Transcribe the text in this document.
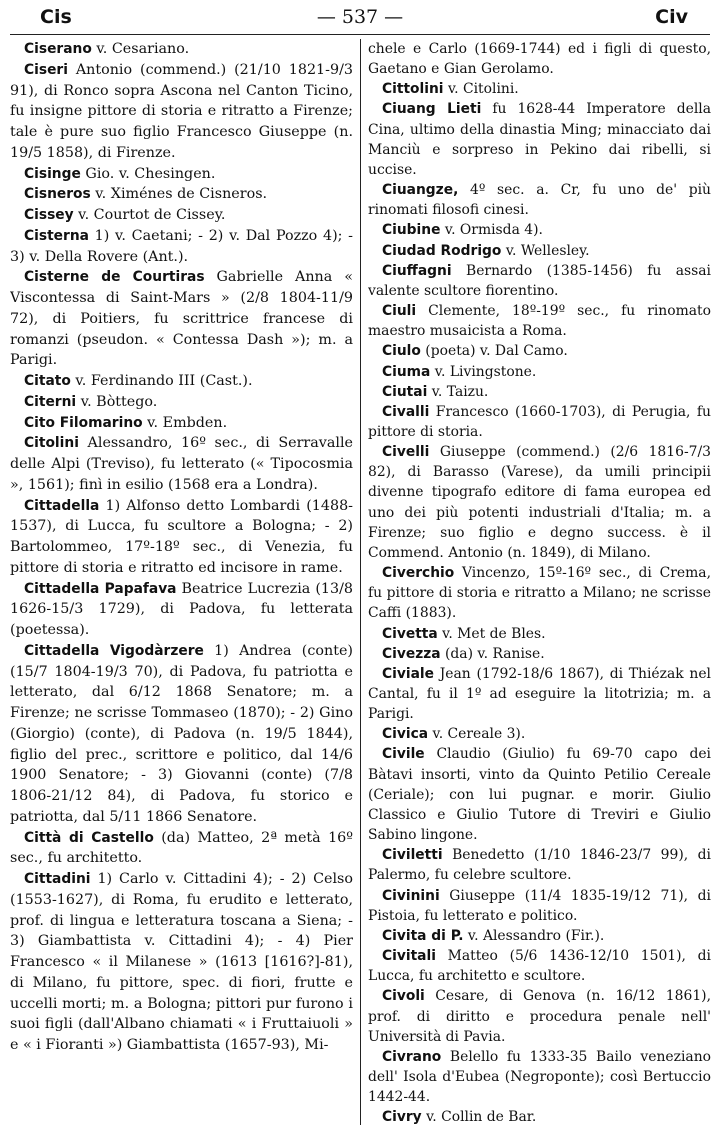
Cis	— 537 —	Civ

Ciserano v. Cesariano.

Ciseri Antonio (commend.) (21/10 1821-9/3 91), di Ronco sopra Ascona nel Canton Ticino, fu insigne pittore di storia e ritratto a Firenze; tale è pure suo figlio Francesco Giuseppe (n. 19/5 1858), di Firenze.

Cisinge Gio. v. Chesingen.

Cisneros v. Ximénes de Cisneros.

Cissey v. Courtot de Cissey.

Cisterna 1) v. Caetani; - 2) v. Dal Pozzo 4); - 3) v. Della Rovere (Ant.).

Cisterne de Courtiras Gabrielle Anna « Viscontessa di Saint-Mars » (2/8 1804-11/9 72), di Poitiers, fu scrittrice francese di romanzi (pseudon. « Contessa Dash »); m. a Parigi.

Citato v. Ferdinando III (Cast.).

Citerni v. Bòttego.

Cito Filomarino v. Embden.

Citolini Alessandro, 16º sec., di Serravalle delle Alpi (Treviso), fu letterato (« Tipocosmia », 1561); finì in esilio (1568 era a Londra).

Cittadella 1) Alfonso detto Lombardi (1488-1537), di Lucca, fu scultore a Bologna; - 2) Bartolommeo, 17º-18º sec., di Venezia, fu pittore di storia e ritratto ed incisore in rame.

Cittadella Papafava Beatrice Lucrezia (13/8 1626-15/3 1729), di Padova, fu letterata (poetessa).

Cittadella Vigodàrzere 1) Andrea (conte) (15/7 1804-19/3 70), di Padova, fu patriotta e letterato, dal 6/12 1868 Senatore; m. a Firenze; ne scrisse Tommaseo (1870); - 2) Gino (Giorgio) (conte), di Padova (n. 19/5 1844), figlio del prec., scrittore e politico, dal 14/6 1900 Senatore; - 3) Giovanni (conte) (7/8 1806-21/12 84), di Padova, fu storico e patriotta, dal 5/11 1866 Senatore.

Città di Castello (da) Matteo, 2ª metà 16º sec., fu architetto.

Cittadini 1) Carlo v. Cittadini 4); - 2) Celso (1553-1627), di Roma, fu erudito e letterato, prof. di lingua e letteratura toscana a Siena; - 3) Giambattista v. Cittadini 4); - 4) Pier Francesco « il Milanese » (1613 [1616?]-81), di Milano, fu pittore, spec. di fiori, frutte e uccelli morti; m. a Bologna; pittori pur furono i suoi figli (dall'Albano chiamati « i Fruttaiuoli » e « i Fioranti ») Giambattista (1657-93), Mi-

chele e Carlo (1669-1744) ed i figli di questo, Gaetano e Gian Gerolamo.

Cittolini v. Citolini.

Ciuang Lieti fu 1628-44 Imperatore della Cina, ultimo della dinastia Ming; minacciato dai Manciù e sorpreso in Pekino dai ribelli, si uccise.

Ciuangze, 4º sec. a. Cr, fu uno de' più rinomati filosofi cinesi.

Ciubine v. Ormisda 4).

Ciudad Rodrigo v. Wellesley.

Ciuffagni Bernardo (1385-1456) fu assai valente scultore fiorentino.

Ciuli Clemente, 18º-19º sec., fu rinomato maestro musaicista a Roma.

Ciulo (poeta) v. Dal Camo.

Ciuma v. Livingstone.

Ciutai v. Taizu.

Civalli Francesco (1660-1703), di Perugia, fu pittore di storia.

Civelli Giuseppe (commend.) (2/6 1816-7/3 82), di Barasso (Varese), da umili principii divenne tipografo editore di fama europea ed uno dei più potenti industriali d'Italia; m. a Firenze; suo figlio e degno success. è il Commend. Antonio (n. 1849), di Milano.

Civerchio Vincenzo, 15º-16º sec., di Crema, fu pittore di storia e ritratto a Milano; ne scrisse Caffi (1883).

Civetta v. Met de Bles.

Civezza (da) v. Ranise.

Civiale Jean (1792-18/6 1867), di Thiézak nel Cantal, fu il 1º ad eseguire la litotrizia; m. a Parigi.

Civica v. Cereale 3).

Civile Claudio (Giulio) fu 69-70 capo dei Bàtavi insorti, vinto da Quinto Petilio Cereale (Ceriale); con lui pugnar. e morir. Giulio Classico e Giulio Tutore di Treviri e Giulio Sabino lingone.

Civiletti Benedetto (1/10 1846-23/7 99), di Palermo, fu celebre scultore.

Civinini Giuseppe (11/4 1835-19/12 71), di Pistoia, fu letterato e politico.

Civita di P. v. Alessandro (Fir.).

Civitali Matteo (5/6 1436-12/10 1501), di Lucca, fu architetto e scultore.

Civoli Cesare, di Genova (n. 16/12 1861), prof. di diritto e procedura penale nell' Università di Pavia.

Civrano Belello fu 1333-35 Bailo veneziano dell' Isola d'Eubea (Negroponte); così Bertuccio 1442-44.

Civry v. Collin de Bar.
